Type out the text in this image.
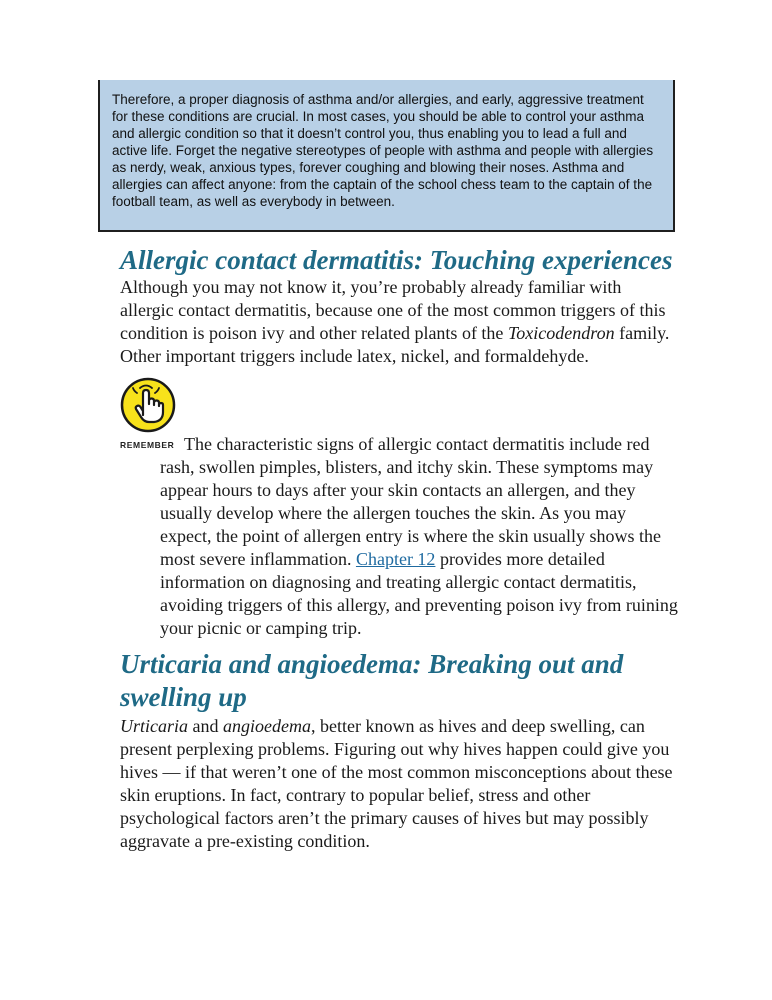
Therefore, a proper diagnosis of asthma and/or allergies, and early, aggressive treatment for these conditions are crucial. In most cases, you should be able to control your asthma and allergic condition so that it doesn’t control you, thus enabling you to lead a full and active life. Forget the negative stereotypes of people with asthma and people with allergies as nerdy, weak, anxious types, forever coughing and blowing their noses. Asthma and allergies can affect anyone: from the captain of the school chess team to the captain of the football team, as well as everybody in between.
Allergic contact dermatitis: Touching experiences

Although you may not know it, you’re probably already familiar with allergic contact dermatitis, because one of the most common triggers of this condition is poison ivy and other related plants of the Toxicodendron family. Other important triggers include latex, nickel, and formaldehyde.

REMEMBER The characteristic signs of allergic contact dermatitis include red rash, swollen pimples, blisters, and itchy skin. These symptoms may appear hours to days after your skin contacts an allergen, and they usually develop where the allergen touches the skin. As you may expect, the point of allergen entry is where the skin usually shows the most severe inflammation. Chapter 12 provides more detailed information on diagnosing and treating allergic contact dermatitis, avoiding triggers of this allergy, and preventing poison ivy from ruining your picnic or camping trip.

Urticaria and angioedema: Breaking out and swelling up

Urticaria and angioedema, better known as hives and deep swelling, can present perplexing problems. Figuring out why hives happen could give you hives — if that weren’t one of the most common misconceptions about these skin eruptions. In fact, contrary to popular belief, stress and other psychological factors aren’t the primary causes of hives but may possibly aggravate a pre-existing condition.
